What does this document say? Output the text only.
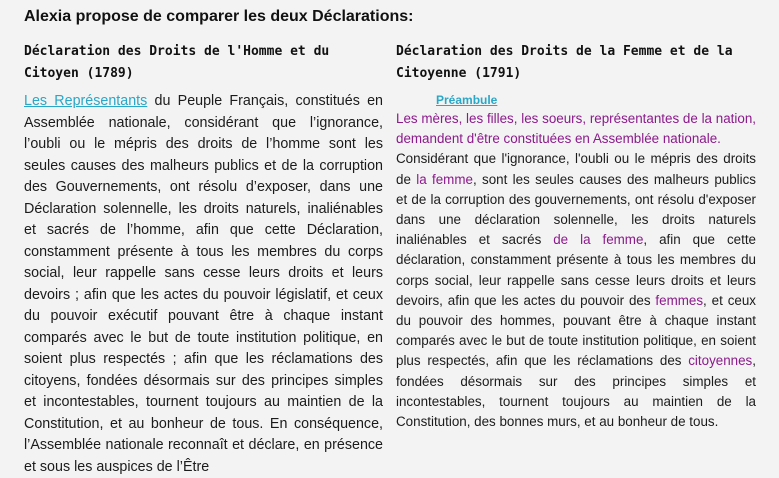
Alexia propose de comparer les deux Déclarations:
Déclaration des Droits de l'Homme et du Citoyen (1789)
Les Représentants du Peuple Français, constitués en Assemblée nationale, considérant que l’ignorance, l’oubli ou le mépris des droits de l’homme sont les seules causes des malheurs publics et de la corruption des Gouvernements, ont résolu d’exposer, dans une Déclaration solennelle, les droits naturels, inaliénables et sacrés de l’homme, afin que cette Déclaration, constamment présente à tous les membres du corps social, leur rappelle sans cesse leurs droits et leurs devoirs ; afin que les actes du pouvoir législatif, et ceux du pouvoir exécutif pouvant être à chaque instant comparés avec le but de toute institution politique, en soient plus respectés ; afin que les réclamations des citoyens, fondées désormais sur des principes simples et incontestables, tournent toujours au maintien de la Constitution, et au bonheur de tous. En conséquence, l’Assemblée nationale reconnaît et déclare, en présence et sous les auspices de l’Être
Déclaration des Droits de la Femme et de la Citoyenne (1791)
Préambule
Les mères, les filles, les soeurs, représentantes de la nation, demandent d'être constituées en Assemblée nationale.
Considérant que l'ignorance, l'oubli ou le mépris des droits de la femme, sont les seules causes des malheurs publics et de la corruption des gouvernements, ont résolu d'exposer dans une déclaration solennelle, les droits naturels inaliénables et sacrés de la femme, afin que cette déclaration, constamment présente à tous les membres du corps social, leur rappelle sans cesse leurs droits et leurs devoirs, afin que les actes du pouvoir des femmes, et ceux du pouvoir des hommes, pouvant être à chaque instant comparés avec le but de toute institution politique, en soient plus respectés, afin que les réclamations des citoyennes, fondées désormais sur des principes simples et incontestables, tournent toujours au maintien de la Constitution, des bonnes murs, et au bonheur de tous.
